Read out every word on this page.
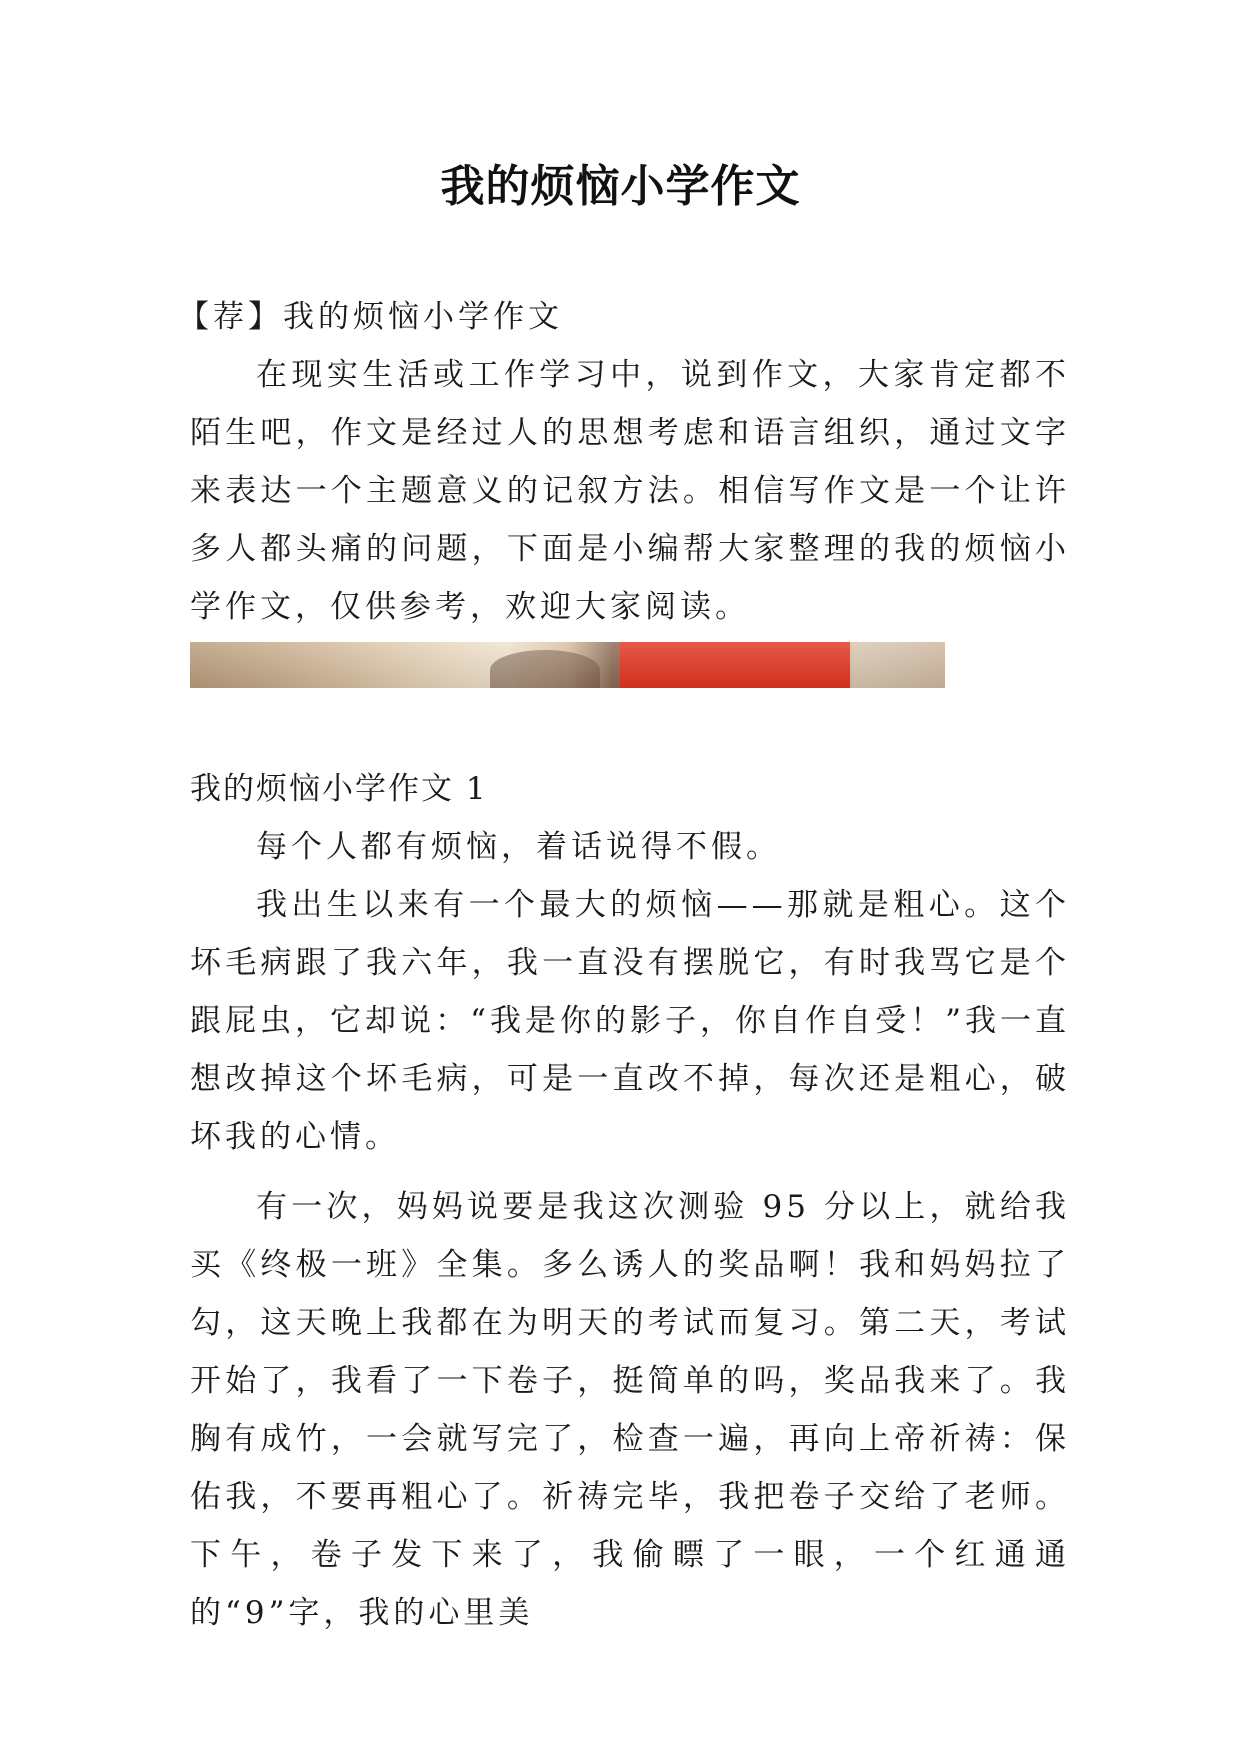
我的烦恼小学作文

【荐】我的烦恼小学作文

在现实生活或工作学习中，说到作文，大家肯定都不陌生吧，作文是经过人的思想考虑和语言组织，通过文字来表达一个主题意义的记叙方法。相信写作文是一个让许多人都头痛的问题，下面是小编帮大家整理的我的烦恼小学作文，仅供参考，欢迎大家阅读。

我的烦恼小学作文 1

每个人都有烦恼，着话说得不假。

我出生以来有一个最大的烦恼——那就是粗心。这个坏毛病跟了我六年，我一直没有摆脱它，有时我骂它是个跟屁虫，它却说：“我是你的影子，你自作自受！”我一直想改掉这个坏毛病，可是一直改不掉，每次还是粗心，破坏我的心情。

有一次，妈妈说要是我这次测验 95 分以上，就给我买《终极一班》全集。多么诱人的奖品啊！我和妈妈拉了勾，这天晚上我都在为明天的考试而复习。第二天，考试开始了，我看了一下卷子，挺简单的吗，奖品我来了。我胸有成竹，一会就写完了，检查一遍，再向上帝祈祷：保佑我，不要再粗心了。祈祷完毕，我把卷子交给了老师。下午，卷子发下来了，我偷瞟了一眼，一个红通通的“9”字，我的心里美
